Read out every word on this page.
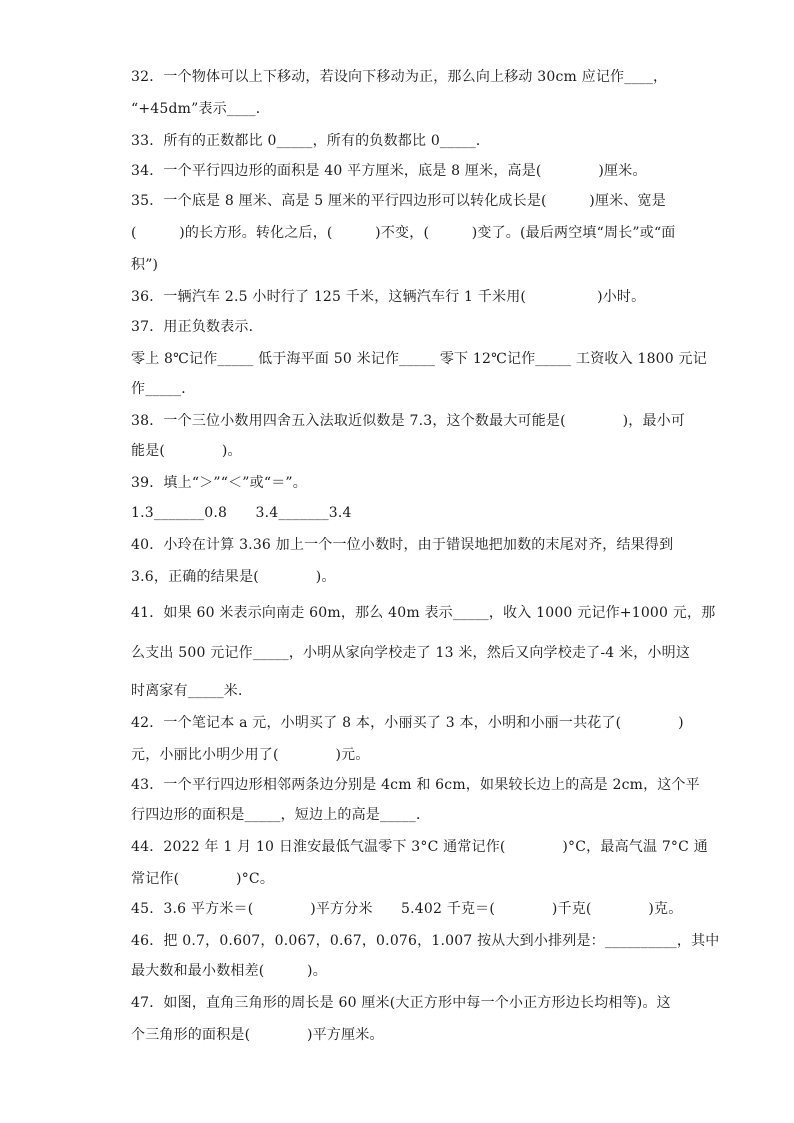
32．一个物体可以上下移动，若设向下移动为正，那么向上移动 30cm 应记作____，
“+45dm”表示____．
33．所有的正数都比 0_____，所有的负数都比 0_____．
34．一个平行四边形的面积是 40 平方厘米，底是 8 厘米，高是(　　　　)厘米。
35．一个底是 8 厘米、高是 5 厘米的平行四边形可以转化成长是(　　　)厘米、宽是
(　　　)的长方形。转化之后，(　　　)不变，(　　　)变了。(最后两空填“周长”或“面
积”)
36．一辆汽车 2.5 小时行了 125 千米，这辆汽车行 1 千米用(　　　　　)小时。
37．用正负数表示．
零上 8℃记作_____ 低于海平面 50 米记作_____ 零下 12℃记作_____ 工资收入 1800 元记
作_____．
38．一个三位小数用四舍五入法取近似数是 7.3，这个数最大可能是(　　　　)，最小可
能是(　　　　)。
39．填上“＞”“＜”或“＝”。
1.3_______0.8　　3.4_______3.4
40．小玲在计算 3.36 加上一个一位小数时，由于错误地把加数的末尾对齐，结果得到
3.6，正确的结果是(　　　　)。
41．如果 60 米表示向南走 60m，那么 40m 表示_____，收入 1000 元记作+1000 元，那
么支出 500 元记作_____，小明从家向学校走了 13 米，然后又向学校走了-4 米，小明这
时离家有_____米．
42．一个笔记本 a 元，小明买了 8 本，小丽买了 3 本，小明和小丽一共花了(　　　　)
元，小丽比小明少用了(　　　　)元。
43．一个平行四边形相邻两条边分别是 4cm 和 6cm，如果较长边上的高是 2cm，这个平
行四边形的面积是_____，短边上的高是_____．
44．2022 年 1 月 10 日淮安最低气温零下 3°C 通常记作(　　　　)°C，最高气温 7°C 通
常记作(　　　　)°C。
45．3.6 平方米＝(　　　　)平方分米　　5.402 千克＝(　　　　)千克(　　　　)克。
46．把 0.7，0.607，0.067，0.67，0.076，1.007 按从大到小排列是：__________，其中
最大数和最小数相差(　　　)。
47．如图，直角三角形的周长是 60 厘米(大正方形中每一个小正方形边长均相等)。这
个三角形的面积是(　　　　)平方厘米。
